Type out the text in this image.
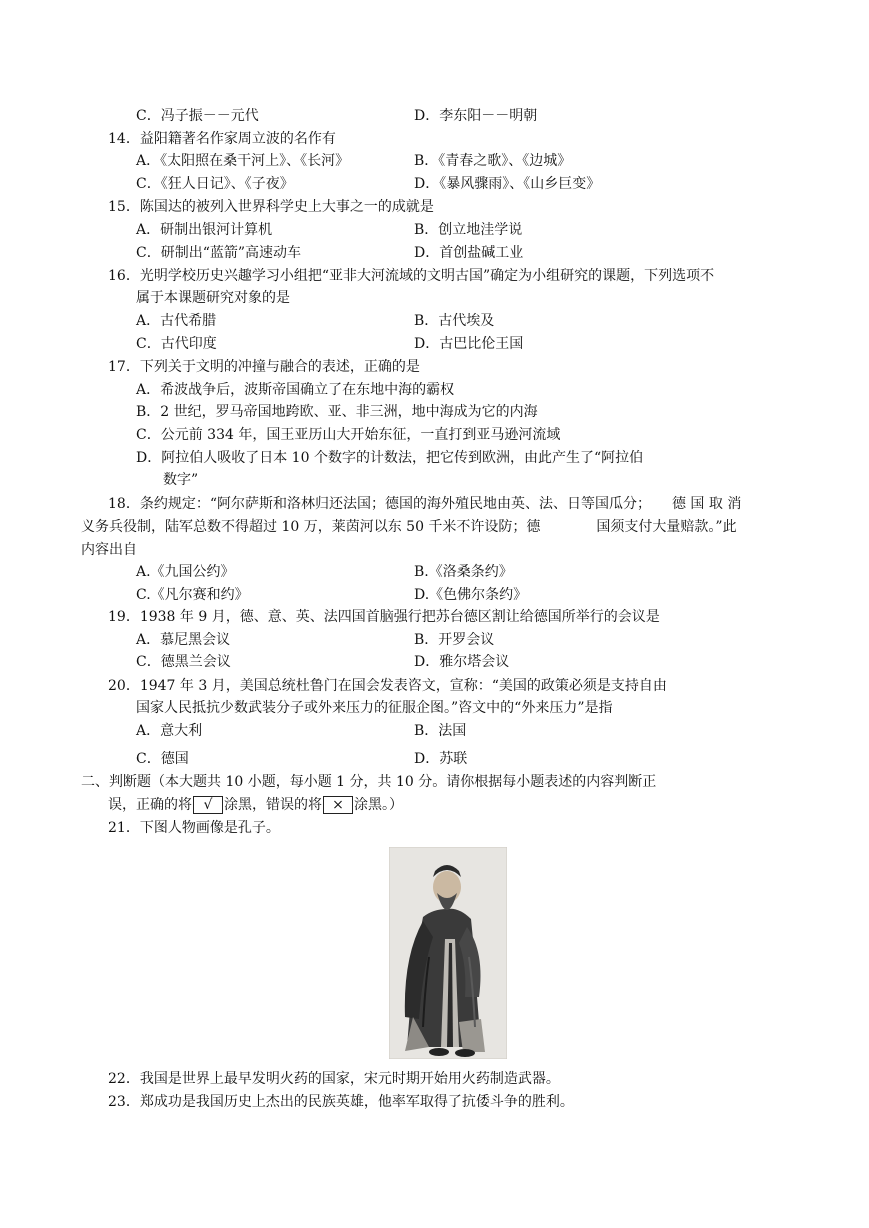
C．冯子振－－元代	D．李东阳－－明朝
14．益阳籍著名作家周立波的名作有
A．《太阳照在桑干河上》、《长河》	B．《青春之歌》、《边城》
C．《狂人日记》、《子夜》	D．《暴风骤雨》、《山乡巨变》
15．陈国达的被列入世界科学史上大事之一的成就是
A．研制出银河计算机	B．创立地洼学说
C．研制出“蓝箭”高速动车	D．首创盐碱工业
16．光明学校历史兴趣学习小组把“亚非大河流域的文明古国”确定为小组研究的课题，下列选项不
属于本课题研究对象的是
A．古代希腊	B．古代埃及
C．古代印度	D．古巴比伦王国
17．下列关于文明的冲撞与融合的表述，正确的是
A．希波战争后，波斯帝国确立了在东地中海的霸权
B．2 世纪，罗马帝国地跨欧、亚、非三洲，地中海成为它的内海
C．公元前 334 年，国王亚历山大开始东征，一直打到亚马逊河流域
D．阿拉伯人吸收了日本 10 个数字的计数法，把它传到欧洲，由此产生了“阿拉伯
数字”
18．条约规定：“阿尔萨斯和洛林归还法国；德国的海外殖民地由英、法、日等国瓜分；　　德 国 取 消
义务兵役制，陆军总数不得超过 10 万，莱茵河以东 50 千米不许设防；德　　　　国须支付大量赔款。”此
内容出自
A.《九国公约》	B.《洛桑条约》
C.《凡尔赛和约》	D.《色佛尔条约》
19．1938 年 9 月，德、意、英、法四国首脑强行把苏台德区割让给德国所举行的会议是
A．慕尼黑会议	B．开罗会议
C．德黑兰会议	D．雅尔塔会议
20．1947 年 3 月，美国总统杜鲁门在国会发表咨文，宣称：“美国的政策必须是支持自由
国家人民抵抗少数武装分子或外来压力的征服企图。”咨文中的“外来压力”是指
A．意大利	B．法国
C．德国	D．苏联
二、判断题（本大题共 10 小题，每小题 1 分，共 10 分。请你根据每小题表述的内容判断正
误，正确的将 √ 涂黑，错误的将 × 涂黑。）
21．下图人物画像是孔子。
22．我国是世界上最早发明火药的国家，宋元时期开始用火药制造武器。
23．郑成功是我国历史上杰出的民族英雄，他率军取得了抗倭斗争的胜利。
